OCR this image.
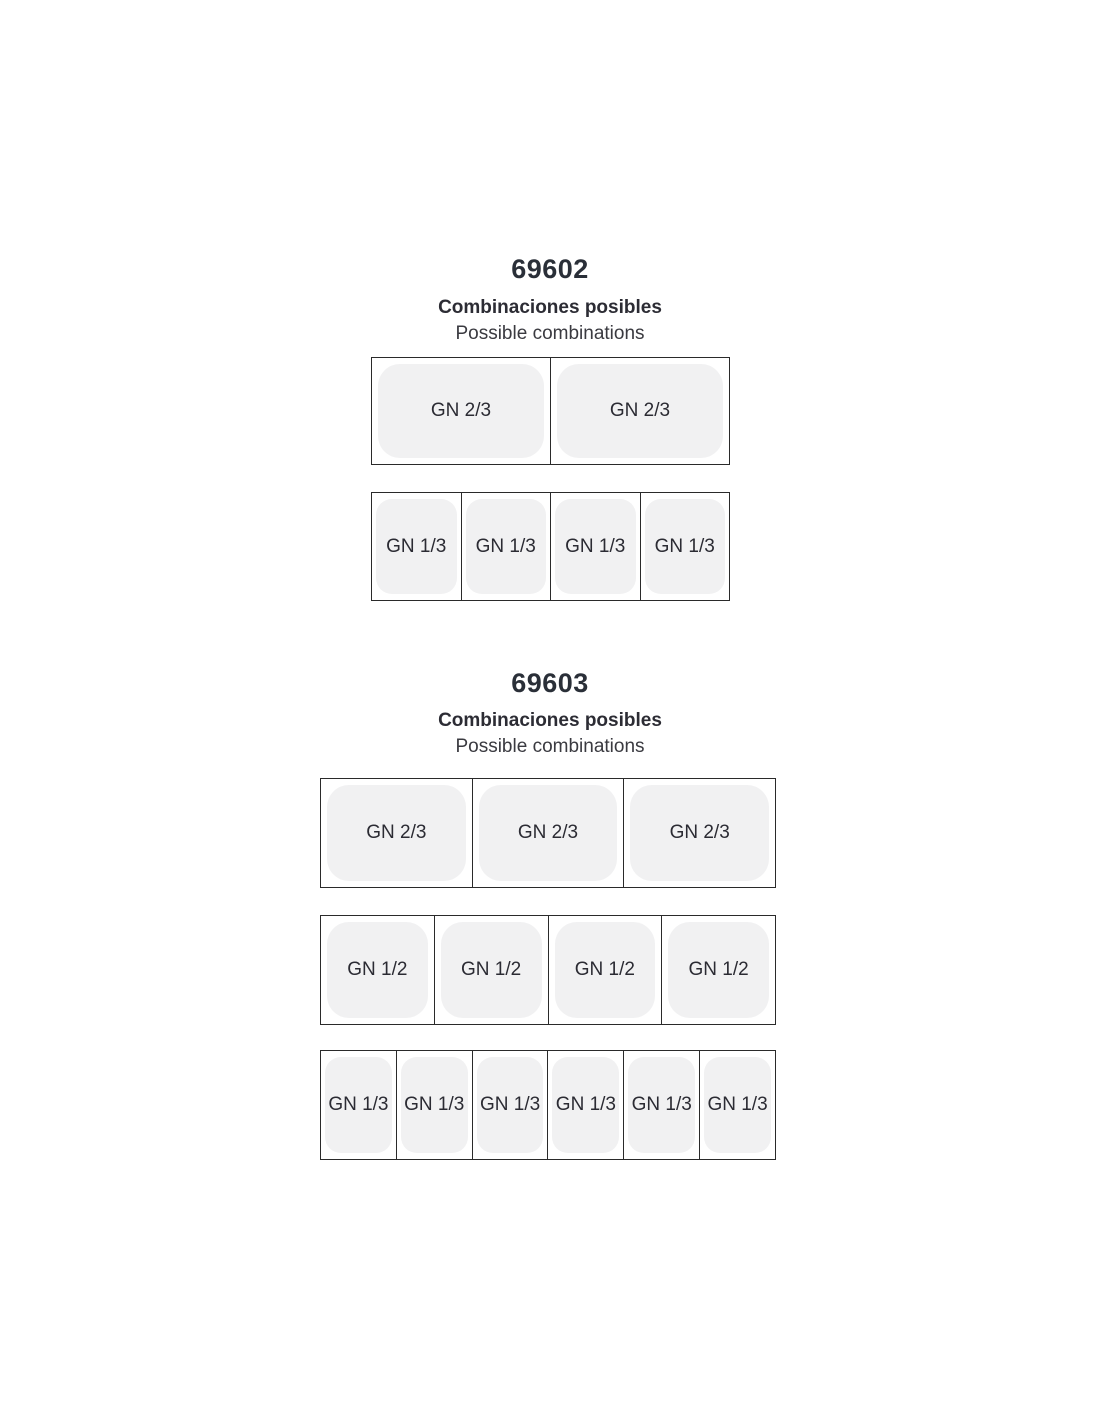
69602
Combinaciones posibles
Possible combinations
GN 2/3	GN 2/3
GN 1/3 GN 1/3 GN 1/3 GN 1/3
69603
Combinaciones posibles
Possible combinations
GN 2/3	GN 2/3	GN 2/3
GN 1/2	GN 1/2	GN 1/2	GN 1/2
GN 1/3 GN 1/3 GN 1/3 GN 1/3 GN 1/3 GN 1/3
